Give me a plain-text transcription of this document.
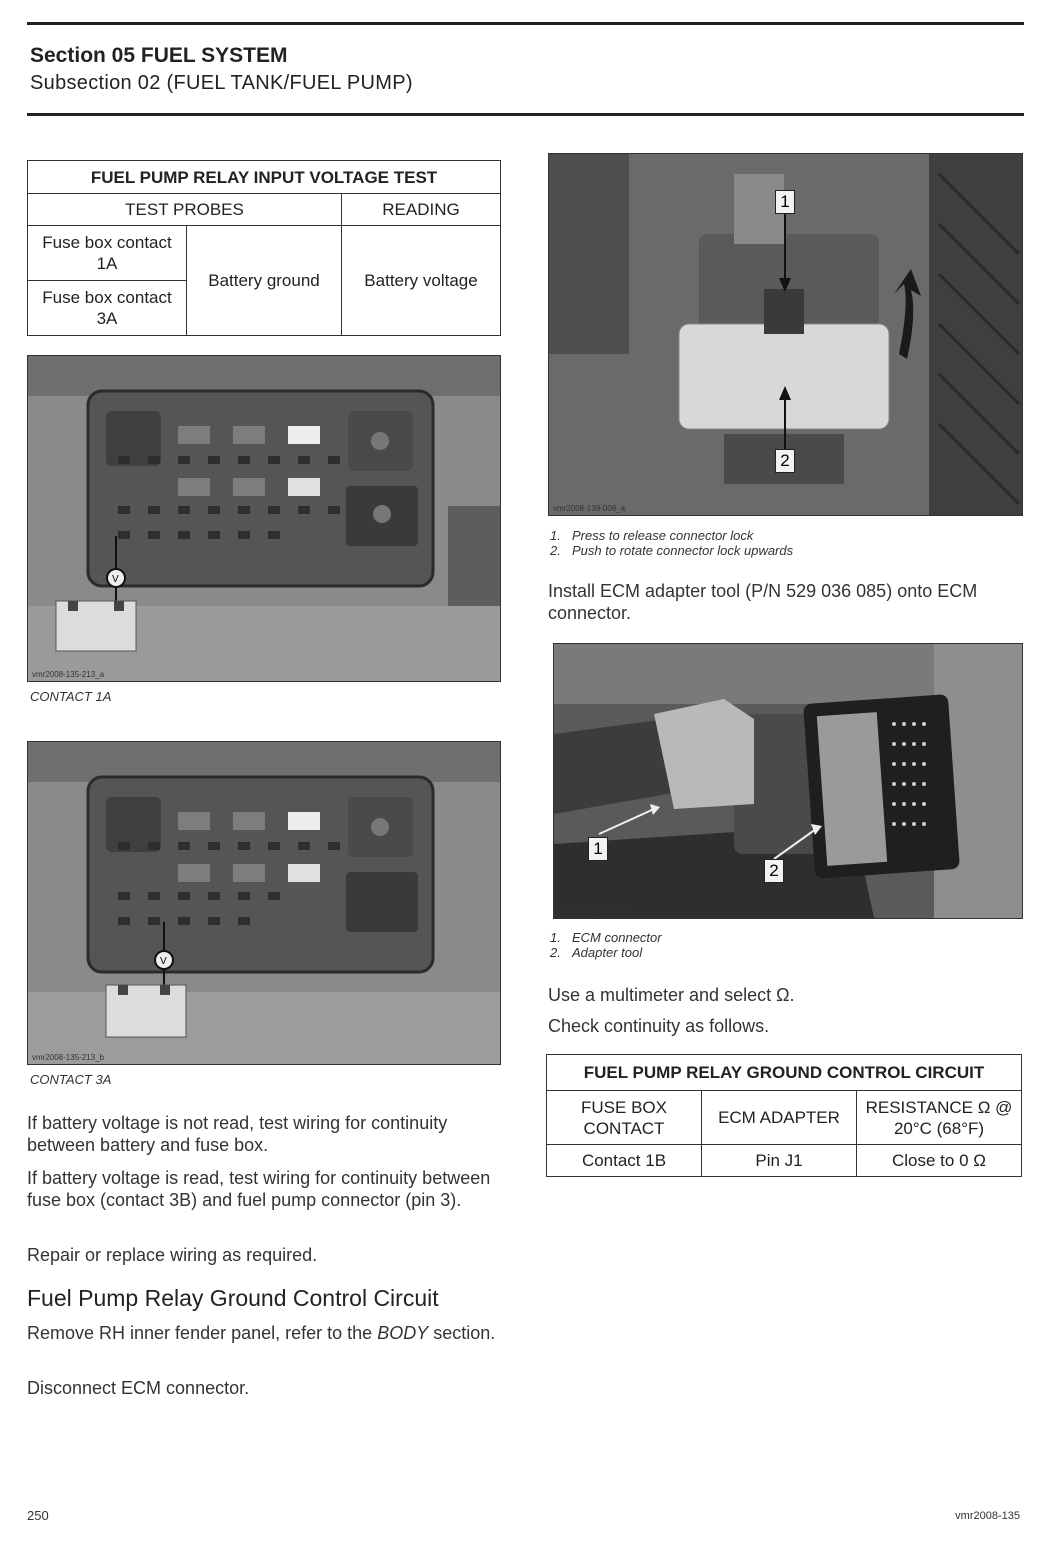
Section 05 FUEL SYSTEM
Subsection 02 (FUEL TANK/FUEL PUMP)
FUEL PUMP RELAY INPUT VOLTAGE TEST		
TEST PROBES		READING
Fuse box contact 1A	Battery ground	Battery voltage
Fuse box contact 3A		
V
vmr2008-135-213_a
CONTACT 1A
V
vmr2008-135-213_b
CONTACT 3A
If battery voltage is not read, test wiring for continuity between battery and fuse box.
If battery voltage is read, test wiring for continuity between fuse box (contact 3B) and fuel pump connector (pin 3).
Repair or replace wiring as required.
Fuel Pump Relay Ground Control Circuit
Remove RH inner fender panel, refer to the BODY section.
Disconnect ECM connector.
1
2
vmr2008-139-008_a
1. Press to release connector lock
2. Push to rotate connector lock upwards
Install ECM adapter tool (P/N 529 036 085) onto ECM connector.
1
2
vmr2008-139-016_a
1. ECM connector
2. Adapter tool
Use a multimeter and select Ω.
Check continuity as follows.
FUEL PUMP RELAY GROUND CONTROL CIRCUIT		
FUSE BOX CONTACT	ECM ADAPTER	RESISTANCE Ω @ 20°C (68°F)
Contact 1B	Pin J1	Close to 0 Ω
250	vmr2008-135
